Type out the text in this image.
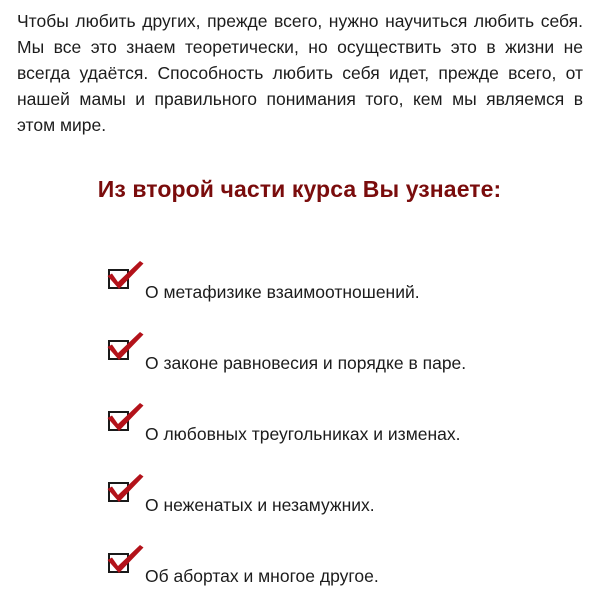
Чтобы любить других, прежде всего, нужно научиться любить себя. Мы все это знаем теоретически, но осуществить это в жизни не всегда удаётся. Способность любить себя идет, прежде всего, от нашей мамы и правильного понимания того, кем мы являемся в этом мире.

Из второй части курса Вы узнаете:
О метафизике взаимоотношений.
О законе равновесия и порядке в паре.
О любовных треугольниках и изменах.
О неженатых и незамужних.
Об абортах и многое другое.
